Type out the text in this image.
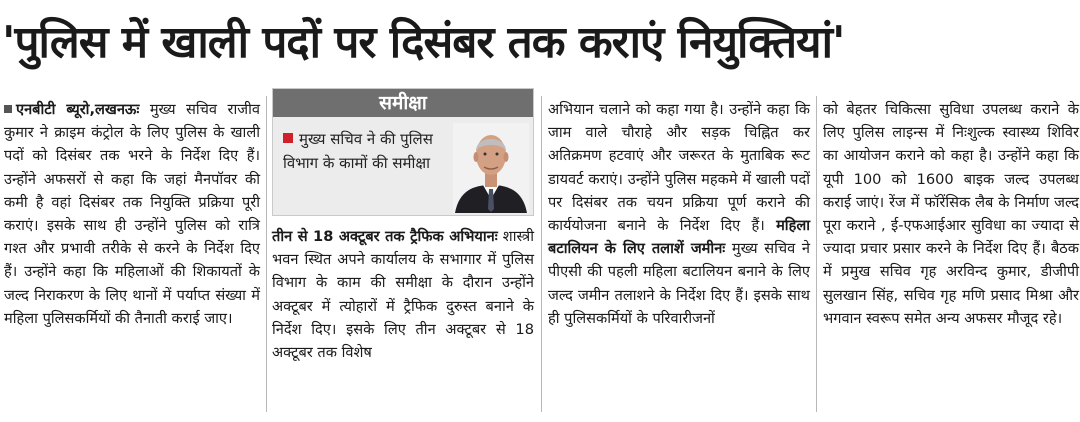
'पुलिस में खाली पदों पर दिसंबर तक कराएं नियुक्तियां'
एनबीटी ब्यूरो,लखनऊः मुख्य सचिव राजीव कुमार ने क्राइम कंट्रोल के लिए पुलिस के खाली पदों को दिसंबर तक भरने के निर्देश दिए हैं। उन्होंने अफसरों से कहा कि जहां मैनपॉवर की कमी है वहां दिसंबर तक नियुक्ति प्रक्रिया पूरी कराएं। इसके साथ ही उन्होंने पुलिस को रात्रि गश्त और प्रभावी तरीके से करने के निर्देश दिए हैं। उन्होंने कहा कि महिलाओं की शिकायतों के जल्द निराकरण के लिए थानों में पर्याप्त संख्या में महिला पुलिसकर्मियों की तैनाती कराई जाए।
समीक्षा
मुख्य सचिव ने की पुलिस विभाग के कामों की समीक्षा
तीन से 18 अक्टूबर तक ट्रैफिक अभियानः शास्त्री भवन स्थित अपने कार्यालय के सभागार में पुलिस विभाग के काम की समीक्षा के दौरान उन्होंने अक्टूबर में त्योहारों में ट्रैफिक दुरुस्त बनाने के निर्देश दिए। इसके लिए तीन अक्टूबर से 18 अक्टूबर तक विशेष
अभियान चलाने को कहा गया है। उन्होंने कहा कि जाम वाले चौराहे और सड़क चिह्नित कर अतिक्रमण हटवाएं और जरूरत के मुताबिक रूट डायवर्ट कराएं। उन्होंने पुलिस महकमे में खाली पदों पर दिसंबर तक चयन प्रक्रिया पूर्ण कराने की कार्ययोजना बनाने के निर्देश दिए हैं। महिला बटालियन के लिए तलाशें जमीनः मुख्य सचिव ने पीएसी की पहली महिला बटालियन बनाने के लिए जल्द जमीन तलाशने के निर्देश दिए हैं। इसके साथ ही पुलिसकर्मियों के परिवारीजनों
को बेहतर चिकित्सा सुविधा उपलब्ध कराने के लिए पुलिस लाइन्स में निःशुल्क स्वास्थ्य शिविर का आयोजन कराने को कहा है। उन्होंने कहा कि यूपी 100 को 1600 बाइक जल्द उपलब्ध कराई जाएं। रेंज में फॉरेंसिक लैब के निर्माण जल्द पूरा कराने , ई-एफआईआर सुविधा का ज्यादा से ज्यादा प्रचार प्रसार करने के निर्देश दिए हैं। बैठक में प्रमुख सचिव गृह अरविन्द कुमार, डीजीपी सुलखान सिंह, सचिव गृह मणि प्रसाद मिश्रा और भगवान स्वरूप समेत अन्य अफसर मौजूद रहे।
